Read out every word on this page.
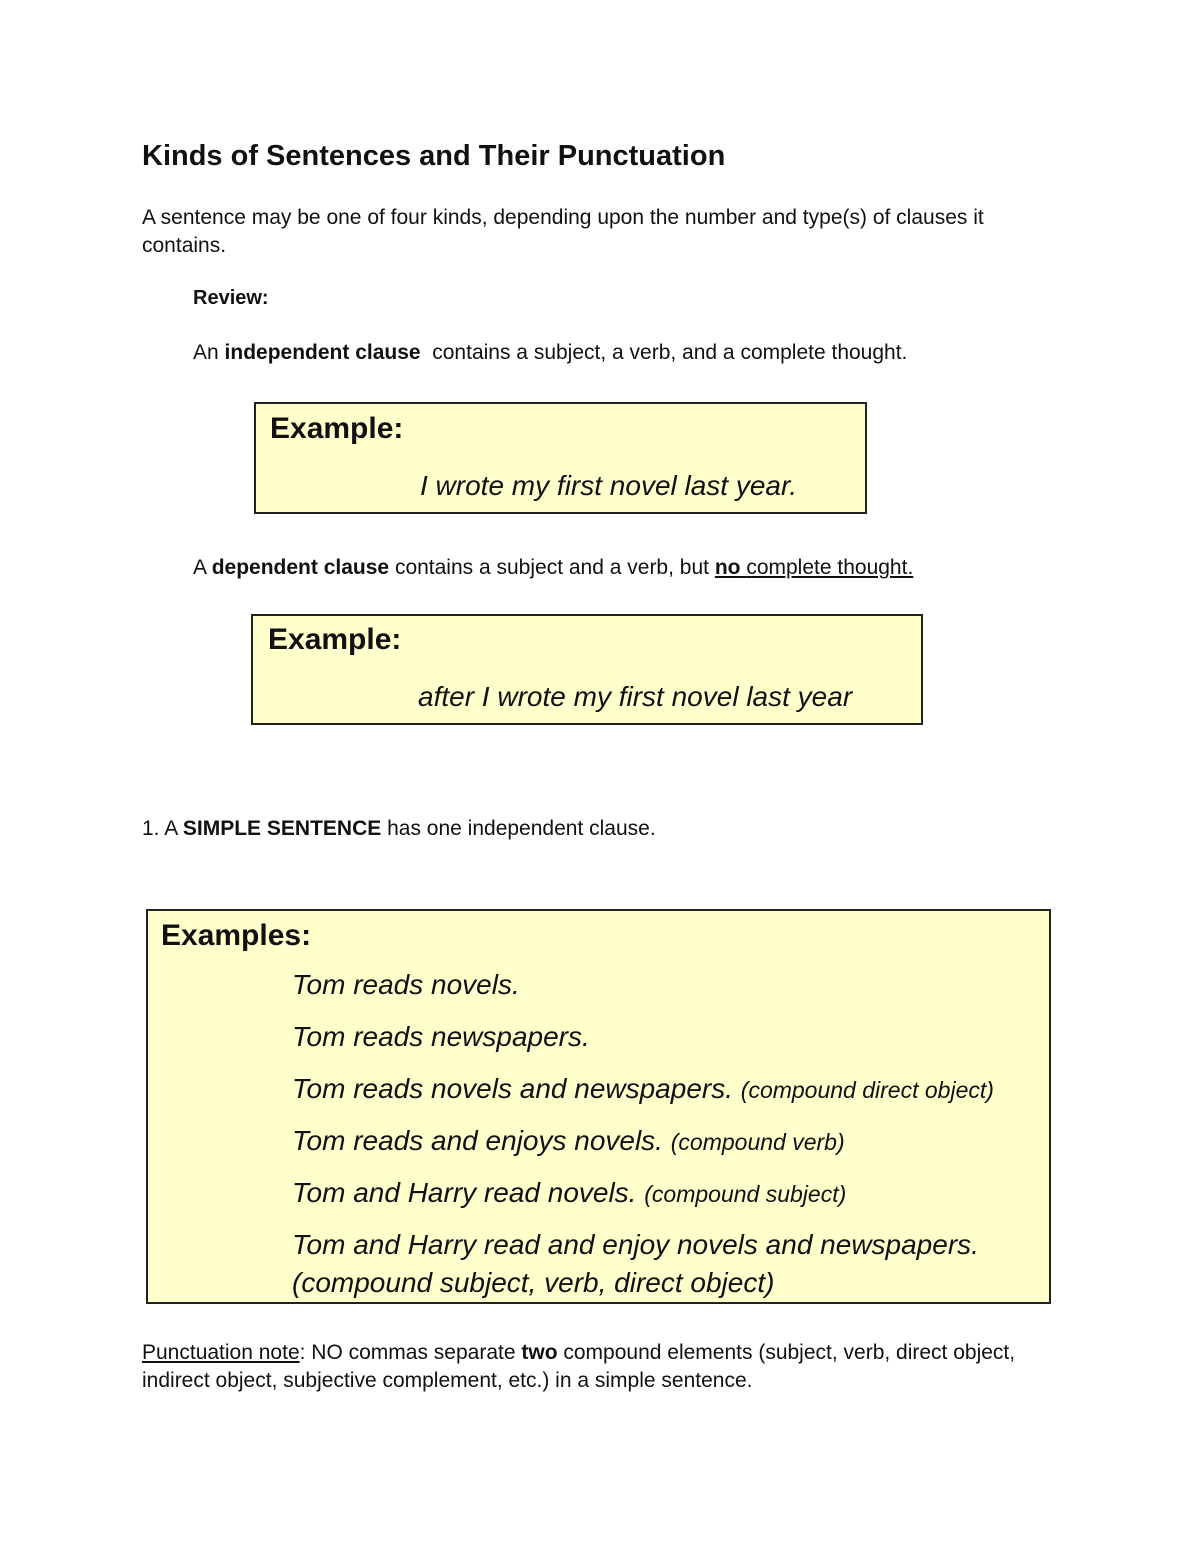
Kinds of Sentences and Their Punctuation

A sentence may be one of four kinds, depending upon the number and type(s) of clauses it contains.

Review:

An independent clause contains a subject, a verb, and a complete thought.

Example:
I wrote my first novel last year.

A dependent clause contains a subject and a verb, but no complete thought.

Example:
after I wrote my first novel last year

1. A SIMPLE SENTENCE has one independent clause.

Examples:
Tom reads novels.
Tom reads newspapers.
Tom reads novels and newspapers. (compound direct object)
Tom reads and enjoys novels. (compound verb)
Tom and Harry read novels. (compound subject)
Tom and Harry read and enjoy novels and newspapers.
(compound subject, verb, direct object)

Punctuation note: NO commas separate two compound elements (subject, verb, direct object, indirect object, subjective complement, etc.) in a simple sentence.
